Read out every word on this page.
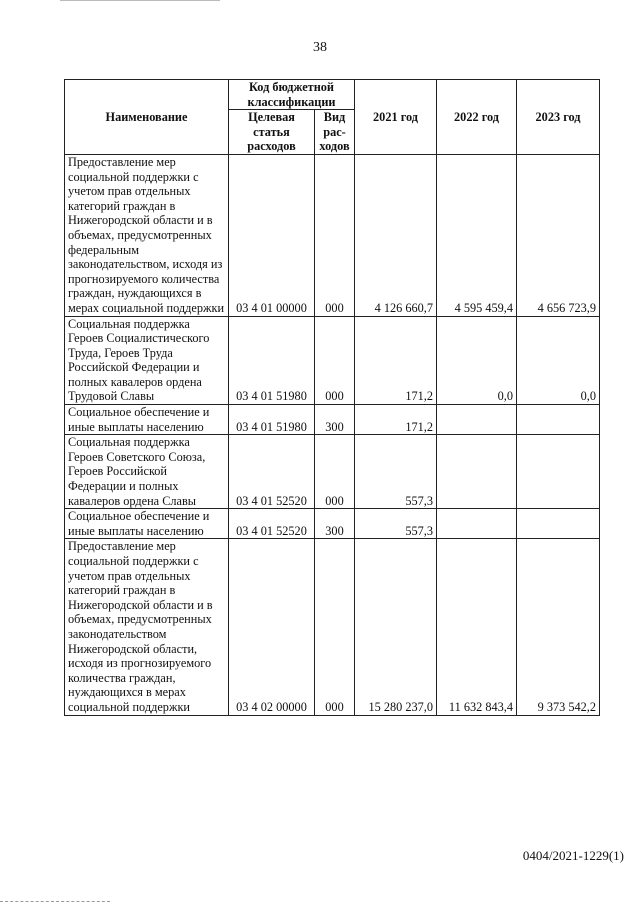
38
Наименование	Код бюджетной классификации		2021 год	2022 год	2023 год
	Целевая статья расходов	Вид рас- ходов			
Предоставление мер социальной поддержки с учетом прав отдельных категорий граждан в Нижегородской области и в объемах, предусмотренных федеральным законодательством, исходя из прогнозируемого количества граждан, нуждающихся в мерах социальной поддержки	03 4 01 00000	000	4 126 660,7	4 595 459,4	4 656 723,9
Социальная поддержка Героев Социалистического Труда, Героев Труда Российской Федерации и полных кавалеров ордена Трудовой Славы	03 4 01 51980	000	171,2	0,0	0,0
Социальное обеспечение и иные выплаты населению	03 4 01 51980	300	171,2		
Социальная поддержка Героев Советского Союза, Героев Российской Федерации и полных кавалеров ордена Славы	03 4 01 52520	000	557,3		
Социальное обеспечение и иные выплаты населению	03 4 01 52520	300	557,3		
Предоставление мер социальной поддержки с учетом прав отдельных категорий граждан в Нижегородской области и в объемах, предусмотренных законодательством Нижегородской области, исходя из прогнозируемого количества граждан, нуждающихся в мерах социальной поддержки	03 4 02 00000	000	15 280 237,0	11 632 843,4	9 373 542,2
0404/2021-1229(1)
